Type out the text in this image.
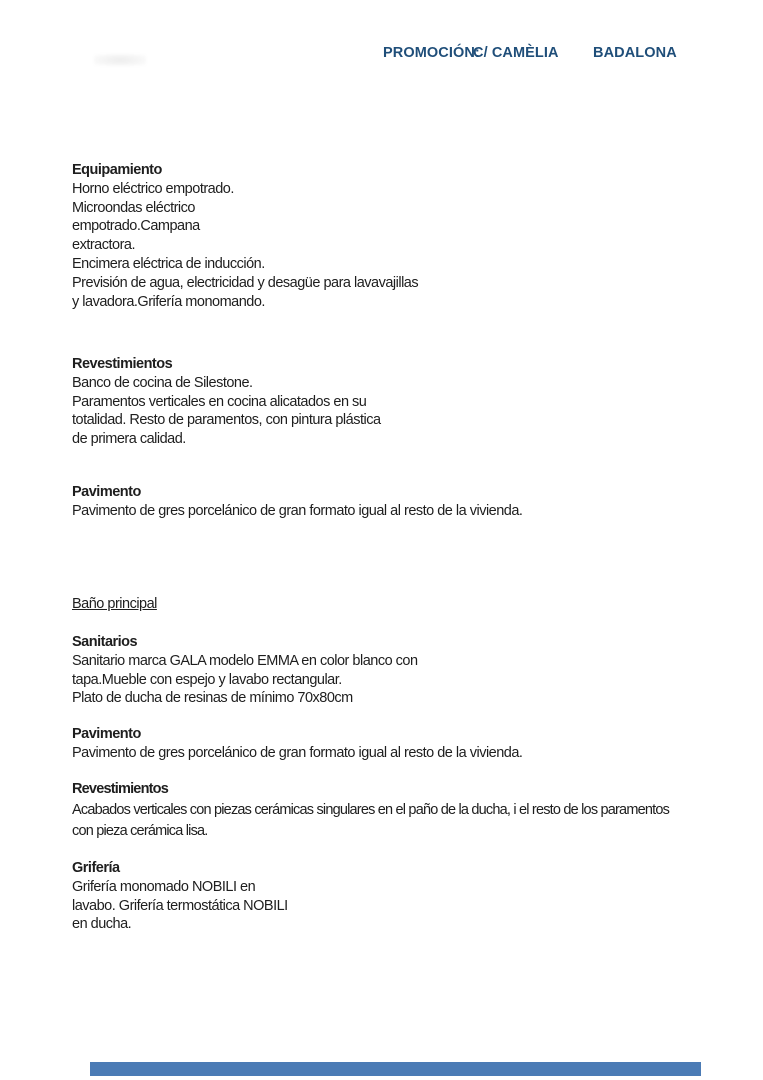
PROMOCIÓN:
C/ CAMÈLIA BADALONA
Equipamiento
Horno eléctrico empotrado.
Microondas eléctrico
empotrado.Campana
extractora.
Encimera eléctrica de inducción.
Previsión de agua, electricidad y desagüe para lavavajillas
y lavadora.Grifería monomando.
Revestimientos
Banco de cocina de Silestone.
Paramentos verticales en cocina alicatados en su
totalidad. Resto de paramentos, con pintura plástica
de primera calidad.
Pavimento
Pavimento de gres porcelánico de gran formato igual al resto de la vivienda.
Baño principal
Sanitarios
Sanitario marca GALA modelo EMMA en color blanco con
tapa.Mueble con espejo y lavabo rectangular.
Plato de ducha de resinas de mínimo 70x80cm
Pavimento
Pavimento de gres porcelánico de gran formato igual al resto de la vivienda.
Revestimientos
Acabados verticales con piezas cerámicas singulares en el paño de la ducha, i el resto de los paramentos
con pieza cerámica lisa.
Grifería
Grifería monomado NOBILI en
lavabo. Grifería termostática NOBILI
en ducha.
